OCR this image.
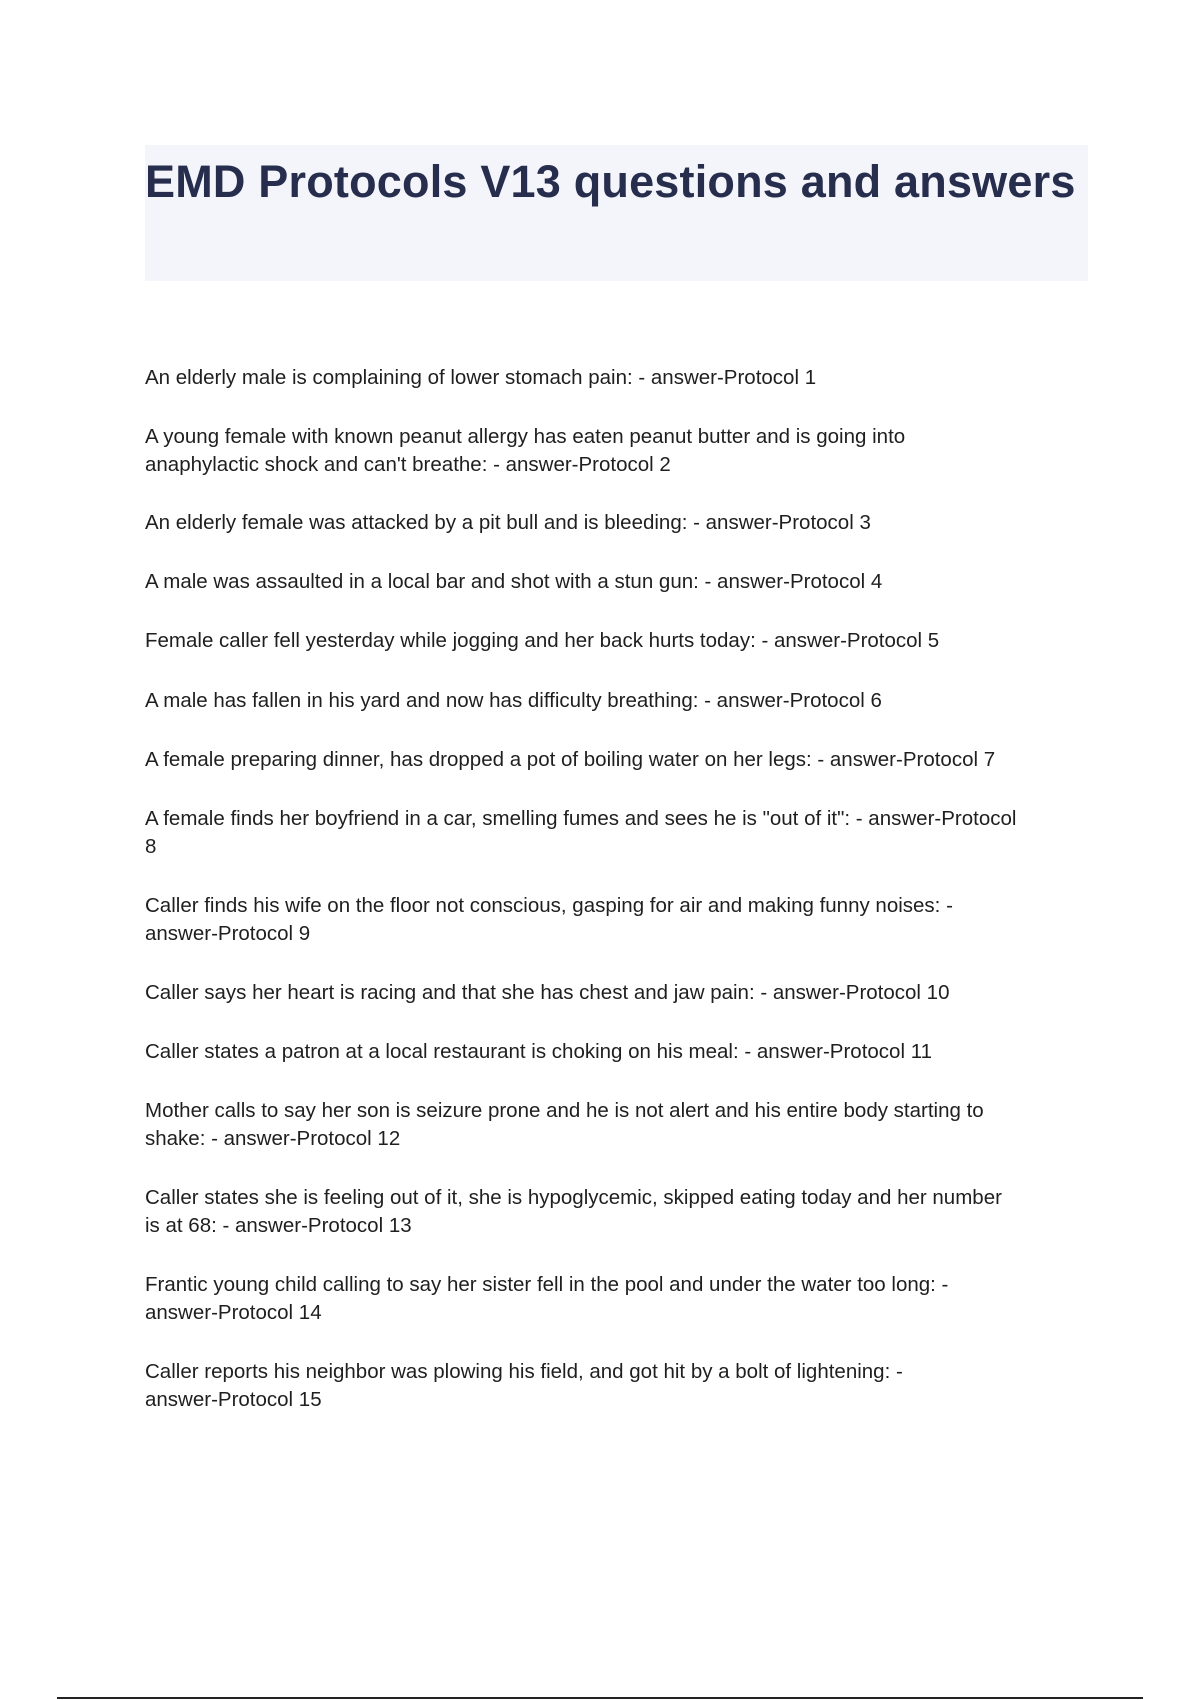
EMD Protocols V13 questions and answers
An elderly male is complaining of lower stomach pain: - answer-Protocol 1
A young female with known peanut allergy has eaten peanut butter and is going into
anaphylactic shock and can't breathe: - answer-Protocol 2
An elderly female was attacked by a pit bull and is bleeding: - answer-Protocol 3
A male was assaulted in a local bar and shot with a stun gun: - answer-Protocol 4
Female caller fell yesterday while jogging and her back hurts today: - answer-Protocol 5
A male has fallen in his yard and now has difficulty breathing: - answer-Protocol 6
A female preparing dinner, has dropped a pot of boiling water on her legs: - answer-Protocol 7
A female finds her boyfriend in a car, smelling fumes and sees he is "out of it": - answer-Protocol
8
Caller finds his wife on the floor not conscious, gasping for air and making funny noises: -
answer-Protocol 9
Caller says her heart is racing and that she has chest and jaw pain: - answer-Protocol 10
Caller states a patron at a local restaurant is choking on his meal: - answer-Protocol 11
Mother calls to say her son is seizure prone and he is not alert and his entire body starting to
shake: - answer-Protocol 12
Caller states she is feeling out of it, she is hypoglycemic, skipped eating today and her number
is at 68: - answer-Protocol 13
Frantic young child calling to say her sister fell in the pool and under the water too long: -
answer-Protocol 14
Caller reports his neighbor was plowing his field, and got hit by a bolt of lightening: -
answer-Protocol 15
